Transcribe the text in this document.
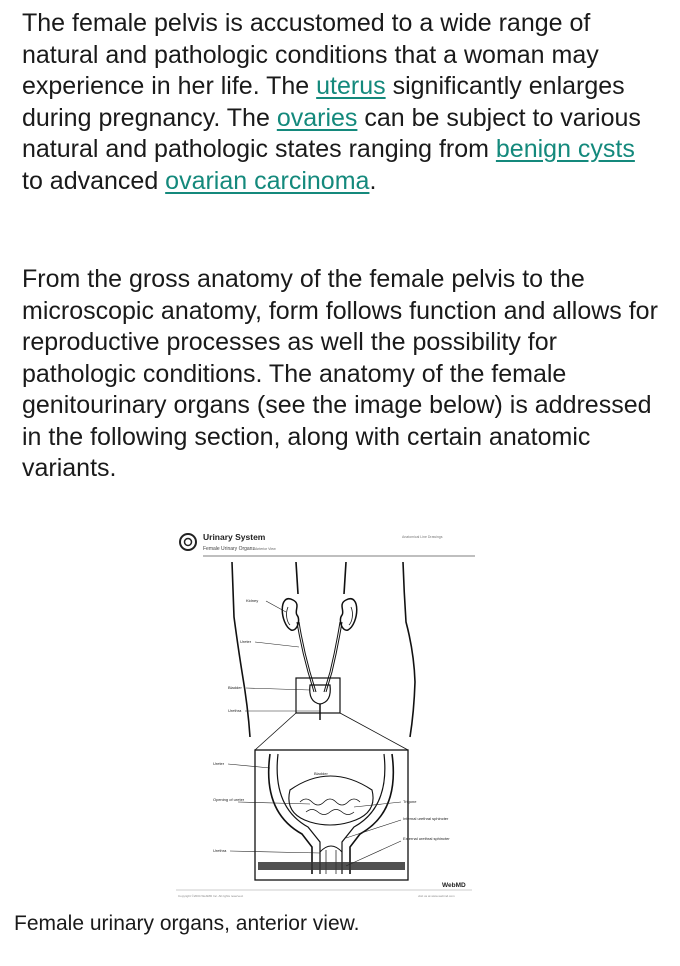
The female pelvis is accustomed to a wide range of natural and pathologic conditions that a woman may experience in her life. The uterus significantly enlarges during pregnancy. The ovaries can be subject to various natural and pathologic states ranging from benign cysts to advanced ovarian carcinoma.

From the gross anatomy of the female pelvis to the microscopic anatomy, form follows function and allows for reproductive processes as well the possibility for pathologic conditions. The anatomy of the female genitourinary organs (see the image below) is addressed in the following section, along with certain anatomic variants.

Urinary System
Female Urinary Organs
- Anterior View
Anatomical Line Drawings
Kidney
Ureter
Bladder
Urethra
Ureter
Bladder
Opening of ureter
Urethra
Trigone
Internal urethral sphincter
External urethral sphincter
WebMD
Copyright ©2004 WebMD Inc. All rights reserved.	visit us at www.webmd.com

Female urinary organs, anterior view.
